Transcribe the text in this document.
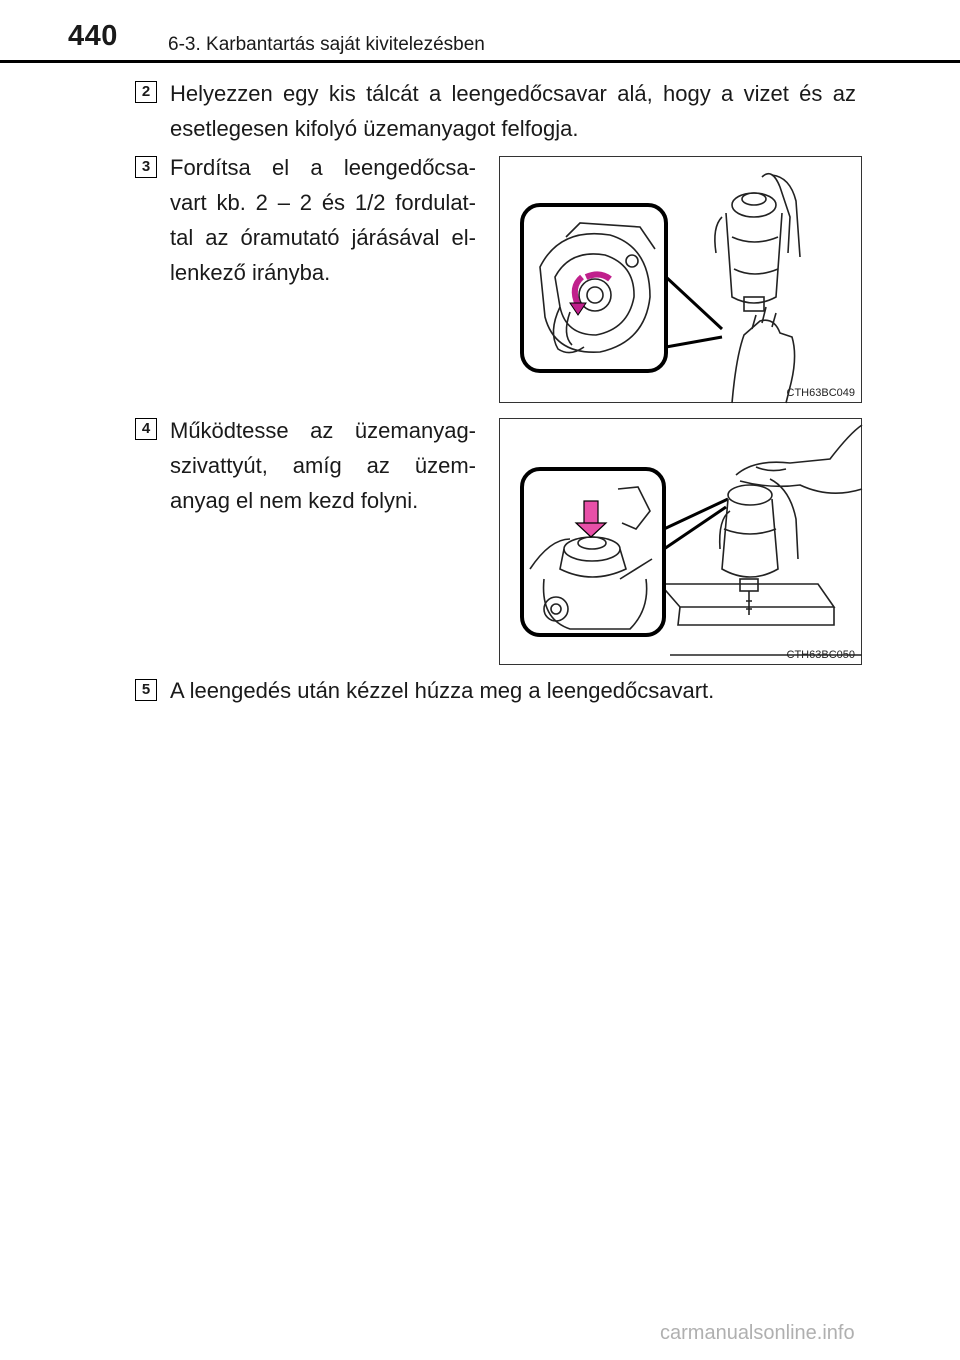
440	6-3. Karbantartás saját kivitelezésben
2 Helyezzen egy kis tálcát a leengedőcsavar alá, hogy a vizet és az esetlegesen kifolyó üzemanyagot felfogja.
3 Fordítsa el a leengedőcsa-
vart kb. 2 – 2 és 1/2 fordulat-
tal az óramutató járásával el-
lenkező irányba.
CTH63BC049
4 Működtesse az üzemanyag-
szivattyút, amíg az üzem-
anyag el nem kezd folyni.
CTH63BC050
5 A leengedés után kézzel húzza meg a leengedőcsavart.
carmanualsonline.info
